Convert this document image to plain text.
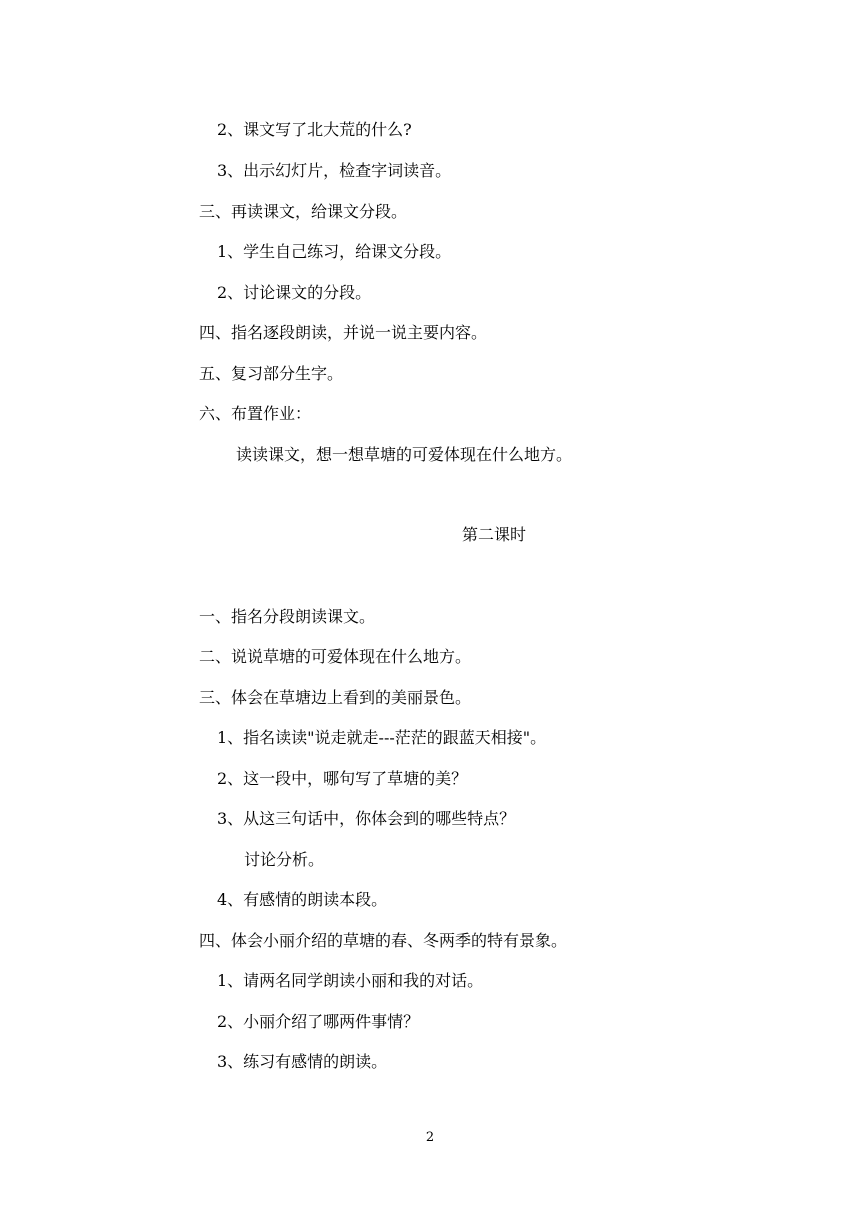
2、课文写了北大荒的什么?
3、出示幻灯片，检查字词读音。
三、再读课文，给课文分段。
1、学生自己练习，给课文分段。
2、讨论课文的分段。
四、指名逐段朗读，并说一说主要内容。
五、复习部分生字。
六、布置作业：
读读课文，想一想草塘的可爱体现在什么地方。
第二课时
一、指名分段朗读课文。
二、说说草塘的可爱体现在什么地方。
三、体会在草塘边上看到的美丽景色。
1、指名读读"说走就走---茫茫的跟蓝天相接"。
2、这一段中，哪句写了草塘的美？
3、从这三句话中，你体会到的哪些特点？
讨论分析。
4、有感情的朗读本段。
四、体会小丽介绍的草塘的春、冬两季的特有景象。
1、请两名同学朗读小丽和我的对话。
2、小丽介绍了哪两件事情？
3、练习有感情的朗读。
2
